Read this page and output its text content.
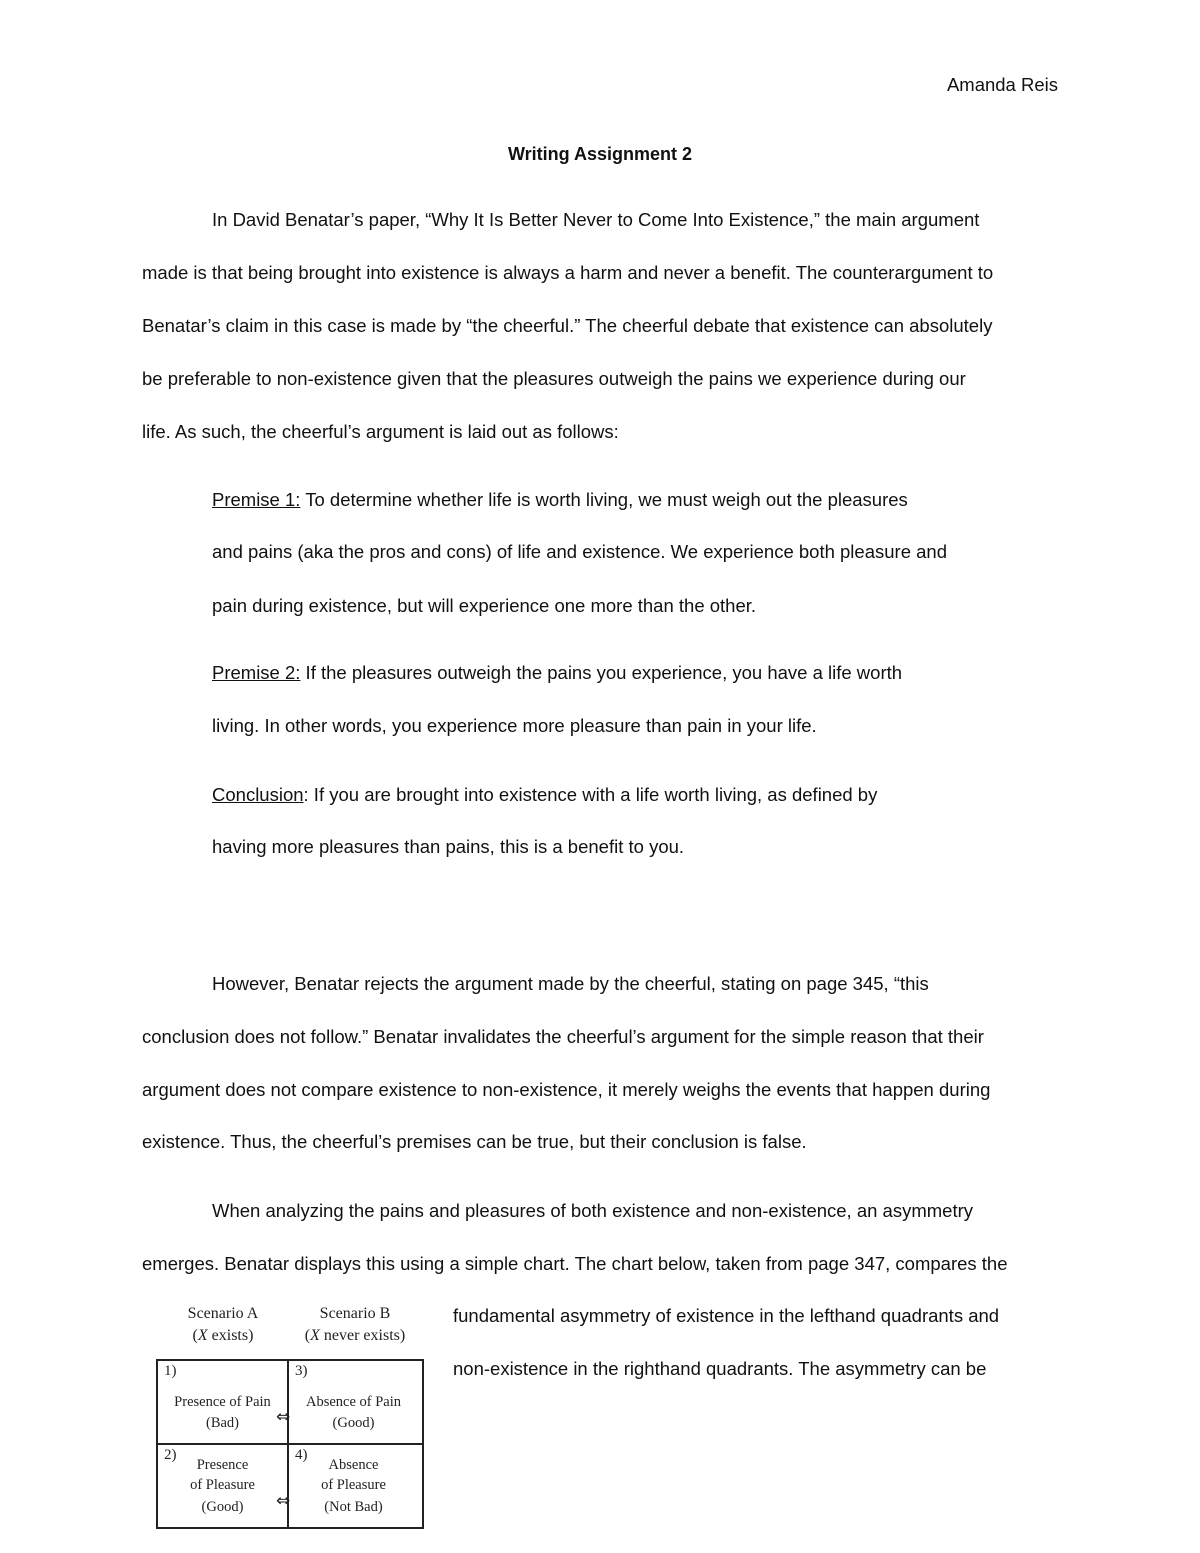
Amanda Reis
Writing Assignment 2
In David Benatar’s paper, “Why It Is Better Never to Come Into Existence,” the main argument
made is that being brought into existence is always a harm and never a benefit. The counterargument to
Benatar’s claim in this case is made by “the cheerful.” The cheerful debate that existence can absolutely
be preferable to non-existence given that the pleasures outweigh the pains we experience during our
life. As such, the cheerful’s argument is laid out as follows:
Premise 1: To determine whether life is worth living, we must weigh out the pleasures
and pains (aka the pros and cons) of life and existence. We experience both pleasure and
pain during existence, but will experience one more than the other.
Premise 2: If the pleasures outweigh the pains you experience, you have a life worth
living. In other words, you experience more pleasure than pain in your life.
Conclusion: If you are brought into existence with a life worth living, as defined by
having more pleasures than pains, this is a benefit to you.
However, Benatar rejects the argument made by the cheerful, stating on page 345, “this
conclusion does not follow.” Benatar invalidates the cheerful’s argument for the simple reason that their
argument does not compare existence to non-existence, it merely weighs the events that happen during
existence. Thus, the cheerful’s premises can be true, but their conclusion is false.
When analyzing the pains and pleasures of both existence and non-existence, an asymmetry
emerges. Benatar displays this using a simple chart. The chart below, taken from page 347, compares the
fundamental asymmetry of existence in the lefthand quadrants and
non-existence in the righthand quadrants. The asymmetry can be
Scenario A
(X exists)
Scenario B
(X never exists)
1)
Presence of Pain
(Bad)
3)
Absence of Pain
(Good)
2)
Presence
of Pleasure
(Good)
4)
Absence
of Pleasure
(Not Bad)
⇔
⇔
